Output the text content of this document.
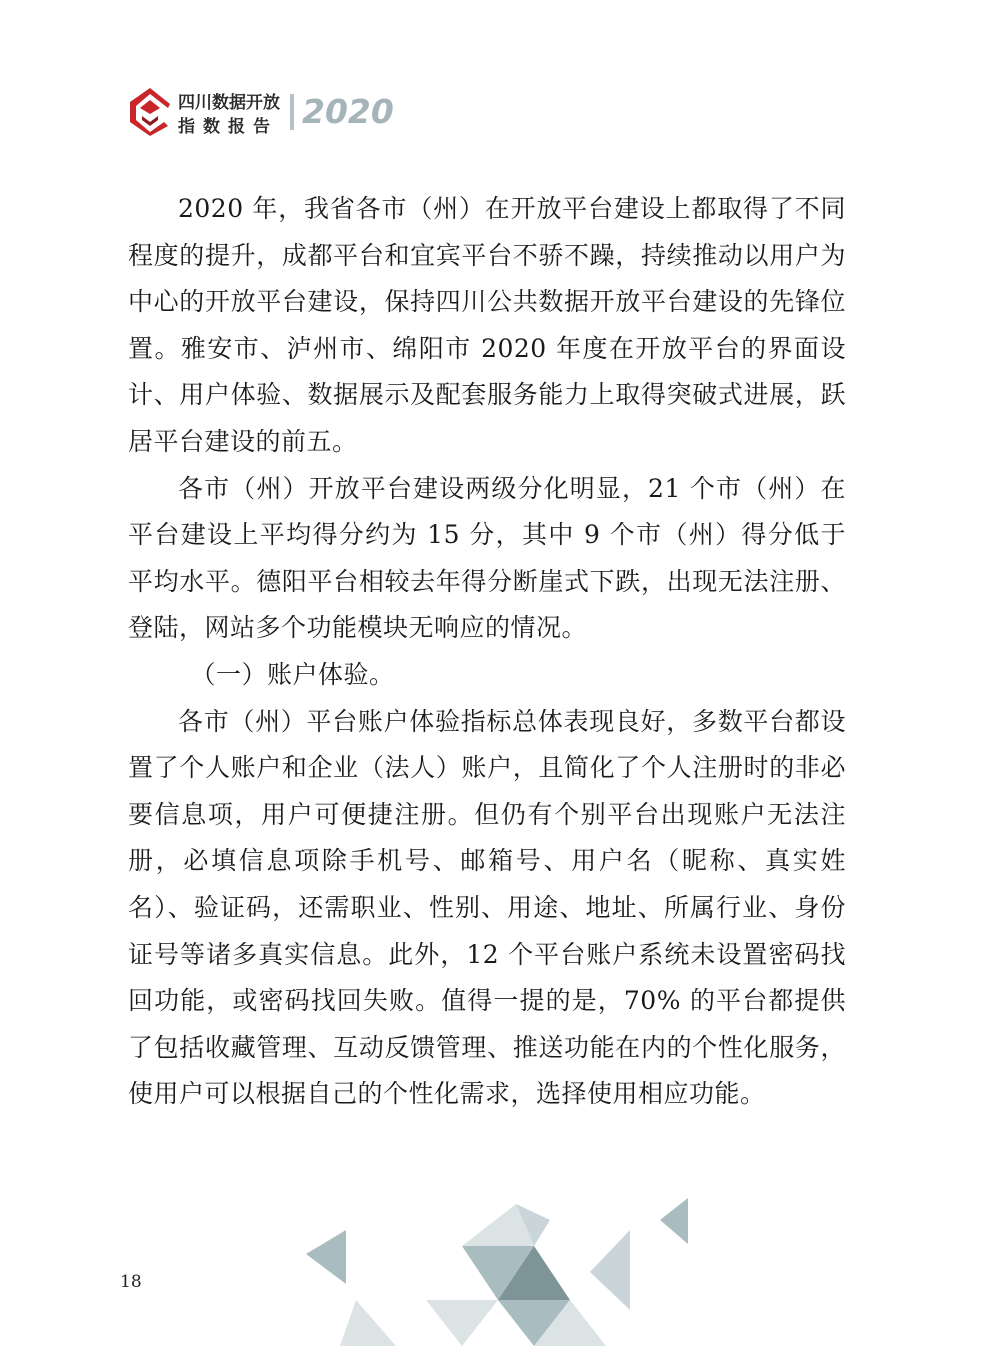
四川数据开放
指数报告 2020

2020 年，我省各市（州）在开放平台建设上都取得了不同程度的提升，成都平台和宜宾平台不骄不躁，持续推动以用户为中心的开放平台建设，保持四川公共数据开放平台建设的先锋位置。雅安市、泸州市、绵阳市 2020 年度在开放平台的界面设计、用户体验、数据展示及配套服务能力上取得突破式进展，跃居平台建设的前五。

各市（州）开放平台建设两级分化明显，21 个市（州）在平台建设上平均得分约为 15 分，其中 9 个市（州）得分低于平均水平。德阳平台相较去年得分断崖式下跌，出现无法注册、登陆，网站多个功能模块无响应的情况。

（一）账户体验。

各市（州）平台账户体验指标总体表现良好，多数平台都设置了个人账户和企业（法人）账户，且简化了个人注册时的非必要信息项，用户可便捷注册。但仍有个别平台出现账户无法注册，必填信息项除手机号、邮箱号、用户名（昵称、真实姓名）、验证码，还需职业、性别、用途、地址、所属行业、身份证号等诸多真实信息。此外，12 个平台账户系统未设置密码找回功能，或密码找回失败。值得一提的是，70% 的平台都提供了包括收藏管理、互动反馈管理、推送功能在内的个性化服务，使用户可以根据自己的个性化需求，选择使用相应功能。

18
